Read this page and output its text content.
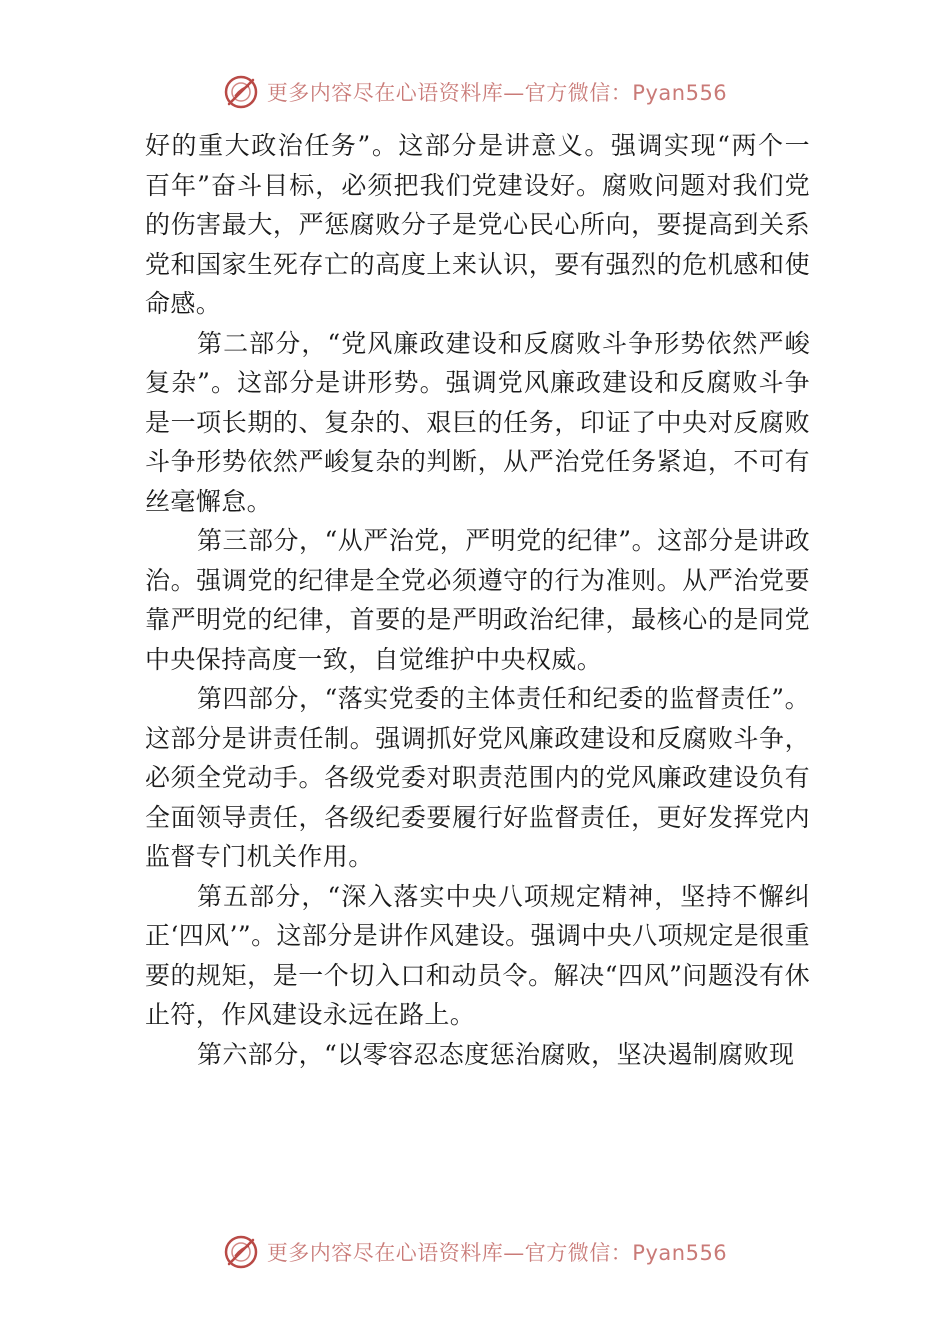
更多内容尽在心语资料库—官方微信：Pyan556

好的重大政治任务”。这部分是讲意义。强调实现“两个一 百年”奋斗目标，必须把我们党建设好。腐败问题对我们党的伤害最大，严惩腐败分子是党心民心所向，要提高到关系党和国家生死存亡的高度上来认识，要有强烈的危机感和使命感。

第二部分，“党风廉政建设和反腐败斗争形势依然严峻复杂”。这部分是讲形势。强调党风廉政建设和反腐败斗争 是一项长期的、复杂的、艰巨的任务，印证了中央对反腐败斗争形势依然严峻复杂的判断，从严治党任务紧迫，不可有丝毫懈怠。

第三部分，“从严治党，严明党的纪律”。这部分是讲政治。强调党的纪律是全党必须遵守的行为准则。从严治党要靠严明党的纪律，首要的是严明政治纪律，最核心的是同党中央保持高度一致，自觉维护中央权威。

第四部分，“落实党委的主体责任和纪委的监督责任”。这部分是讲责任制。强调抓好党风廉政建设和反腐败斗争， 必须全党动手。各级党委对职责范围内的党风廉政建设负有全面领导责任，各级纪委要履行好监督责任，更好发挥党内监督专门机关作用。

第五部分，“深入落实中央八项规定精神，坚持不懈纠正‘四风’”。这部分是讲作风建设。强调中央八项规定是很重要的规矩，是一个切入口和动员令。解决“四风”问题没有休止符，作风建设永远在路上。

第六部分，“以零容忍态度惩治腐败，坚决遏制腐败现

更多内容尽在心语资料库—官方微信：Pyan556
